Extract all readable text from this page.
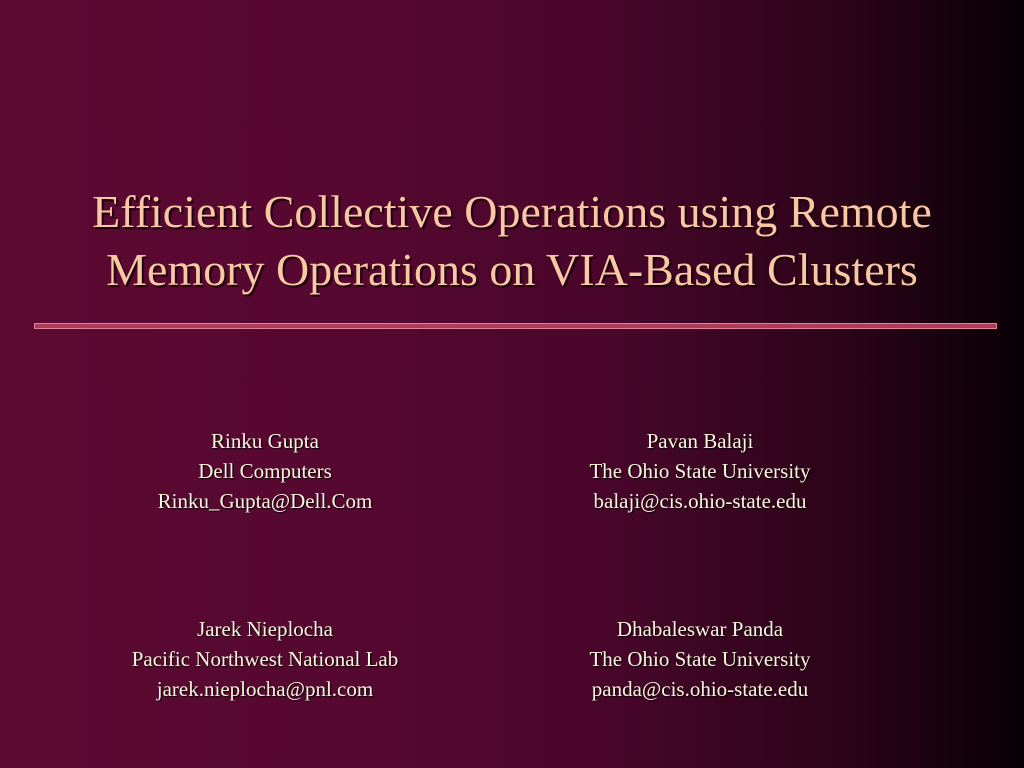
Efficient Collective Operations using Remote
Memory Operations on VIA-Based Clusters
Rinku Gupta
Dell Computers
Rinku_Gupta@Dell.Com
Pavan Balaji
The Ohio State University
balaji@cis.ohio-state.edu
Jarek Nieplocha
Pacific Northwest National Lab
jarek.nieplocha@pnl.com
Dhabaleswar Panda
The Ohio State University
panda@cis.ohio-state.edu
